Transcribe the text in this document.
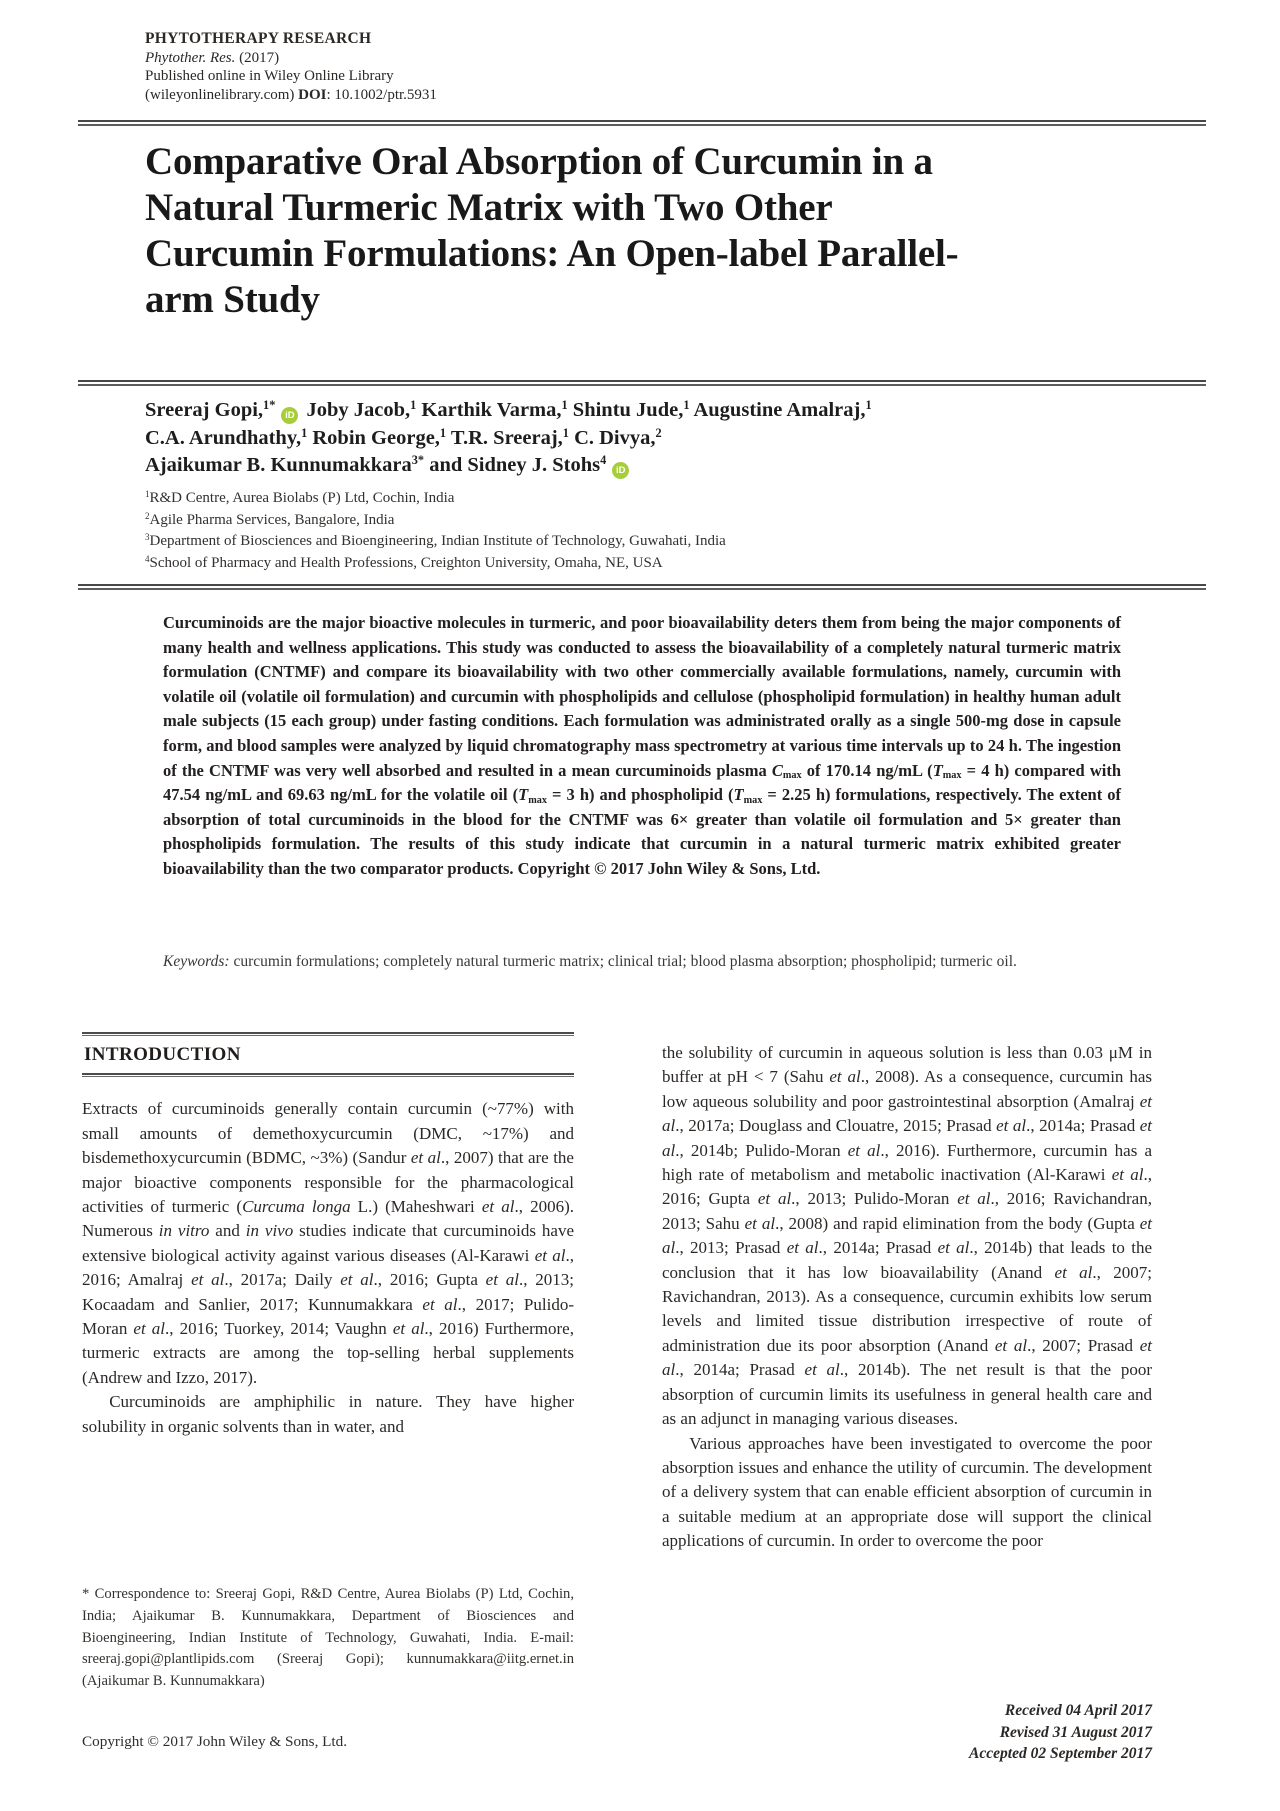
PHYTOTHERAPY RESEARCH
Phytother. Res. (2017)
Published online in Wiley Online Library
(wileyonlinelibrary.com) DOI: 10.1002/ptr.5931
Comparative Oral Absorption of Curcumin in a
Natural Turmeric Matrix with Two Other
Curcumin Formulations: An Open-label Parallel-
arm Study
Sreeraj Gopi,$^{1*}$iD Joby Jacob,$^1$ Karthik Varma,$^1$ Shintu Jude,$^1$ Augustine Amalraj,$^1$
C.A. Arundhathy,$^1$ Robin George,$^1$ T.R. Sreeraj,$^1$ C. Divya,$^2$
Ajaikumar B. Kunnumakkara$^{3*}$ and Sidney J. Stohs$^4$iD
$^1$R&D Centre, Aurea Biolabs (P) Ltd, Cochin, India
$^2$Agile Pharma Services, Bangalore, India
$^3$Department of Biosciences and Bioengineering, Indian Institute of Technology, Guwahati, India
$^4$School of Pharmacy and Health Professions, Creighton University, Omaha, NE, USA
Curcuminoids are the major bioactive molecules in turmeric, and poor bioavailability deters them from being the major components of many health and wellness applications. This study was conducted to assess the bioavailability of a completely natural turmeric matrix formulation (CNTMF) and compare its bioavailability with two other commercially available formulations, namely, curcumin with volatile oil (volatile oil formulation) and curcumin with phospholipids and cellulose (phospholipid formulation) in healthy human adult male subjects (15 each group) under fasting conditions. Each formulation was administrated orally as a single 500-mg dose in capsule form, and blood samples were analyzed by liquid chromatography mass spectrometry at various time intervals up to 24 h. The ingestion of the CNTMF was very well absorbed and resulted in a mean curcuminoids plasma $C_{max}$ of 170.14 ng/mL ($T_{max} = 4$ h) compared with 47.54 ng/mL and 69.63 ng/mL for the volatile oil ($T_{max} = 3$ h) and phospholipid ($T_{max} = 2.25$ h) formulations, respectively. The extent of absorption of total curcuminoids in the blood for the CNTMF was 6× greater than volatile oil formulation and 5× greater than phospholipids formulation. The results of this study indicate that curcumin in a natural turmeric matrix exhibited greater bioavailability than the two comparator products. Copyright © 2017 John Wiley & Sons, Ltd.
Keywords: curcumin formulations; completely natural turmeric matrix; clinical trial; blood plasma absorption; phospholipid; turmeric oil.
INTRODUCTION

Extracts of curcuminoids generally contain curcumin (~77%) with small amounts of demethoxycurcumin (DMC, ~17%) and bisdemethoxycurcumin (BDMC, ~3%) (Sandur et al., 2007) that are the major bioactive components responsible for the pharmacological activities of turmeric (Curcuma longa L.) (Maheshwari et al., 2006). Numerous in vitro and in vivo studies indicate that curcuminoids have extensive biological activity against various diseases (Al-Karawi et al., 2016; Amalraj et al., 2017a; Daily et al., 2016; Gupta et al., 2013; Kocaadam and Sanlier, 2017; Kunnumakkara et al., 2017; Pulido-Moran et al., 2016; Tuorkey, 2014; Vaughn et al., 2016) Furthermore, turmeric extracts are among the top-selling herbal supplements (Andrew and Izzo, 2017).

Curcuminoids are amphiphilic in nature. They have higher solubility in organic solvents than in water, and

the solubility of curcumin in aqueous solution is less than 0.03 μM in buffer at pH < 7 (Sahu et al., 2008). As a consequence, curcumin has low aqueous solubility and poor gastrointestinal absorption (Amalraj et al., 2017a; Douglass and Clouatre, 2015; Prasad et al., 2014a; Prasad et al., 2014b; Pulido-Moran et al., 2016). Furthermore, curcumin has a high rate of metabolism and metabolic inactivation (Al-Karawi et al., 2016; Gupta et al., 2013; Pulido-Moran et al., 2016; Ravichandran, 2013; Sahu et al., 2008) and rapid elimination from the body (Gupta et al., 2013; Prasad et al., 2014a; Prasad et al., 2014b) that leads to the conclusion that it has low bioavailability (Anand et al., 2007; Ravichandran, 2013). As a consequence, curcumin exhibits low serum levels and limited tissue distribution irrespective of route of administration due its poor absorption (Anand et al., 2007; Prasad et al., 2014a; Prasad et al., 2014b). The net result is that the poor absorption of curcumin limits its usefulness in general health care and as an adjunct in managing various diseases.

Various approaches have been investigated to overcome the poor absorption issues and enhance the utility of curcumin. The development of a delivery system that can enable efficient absorption of curcumin in a suitable medium at an appropriate dose will support the clinical applications of curcumin. In order to overcome the poor

* Correspondence to: Sreeraj Gopi, R&D Centre, Aurea Biolabs (P) Ltd, Cochin, India; Ajaikumar B. Kunnumakkara, Department of Biosciences and Bioengineering, Indian Institute of Technology, Guwahati, India. E-mail: sreeraj.gopi@plantlipids.com (Sreeraj Gopi); kunnumakkara@iitg.ernet.in (Ajaikumar B. Kunnumakkara)
Received 04 April 2017
Revised 31 August 2017
Accepted 02 September 2017
Copyright © 2017 John Wiley & Sons, Ltd.
